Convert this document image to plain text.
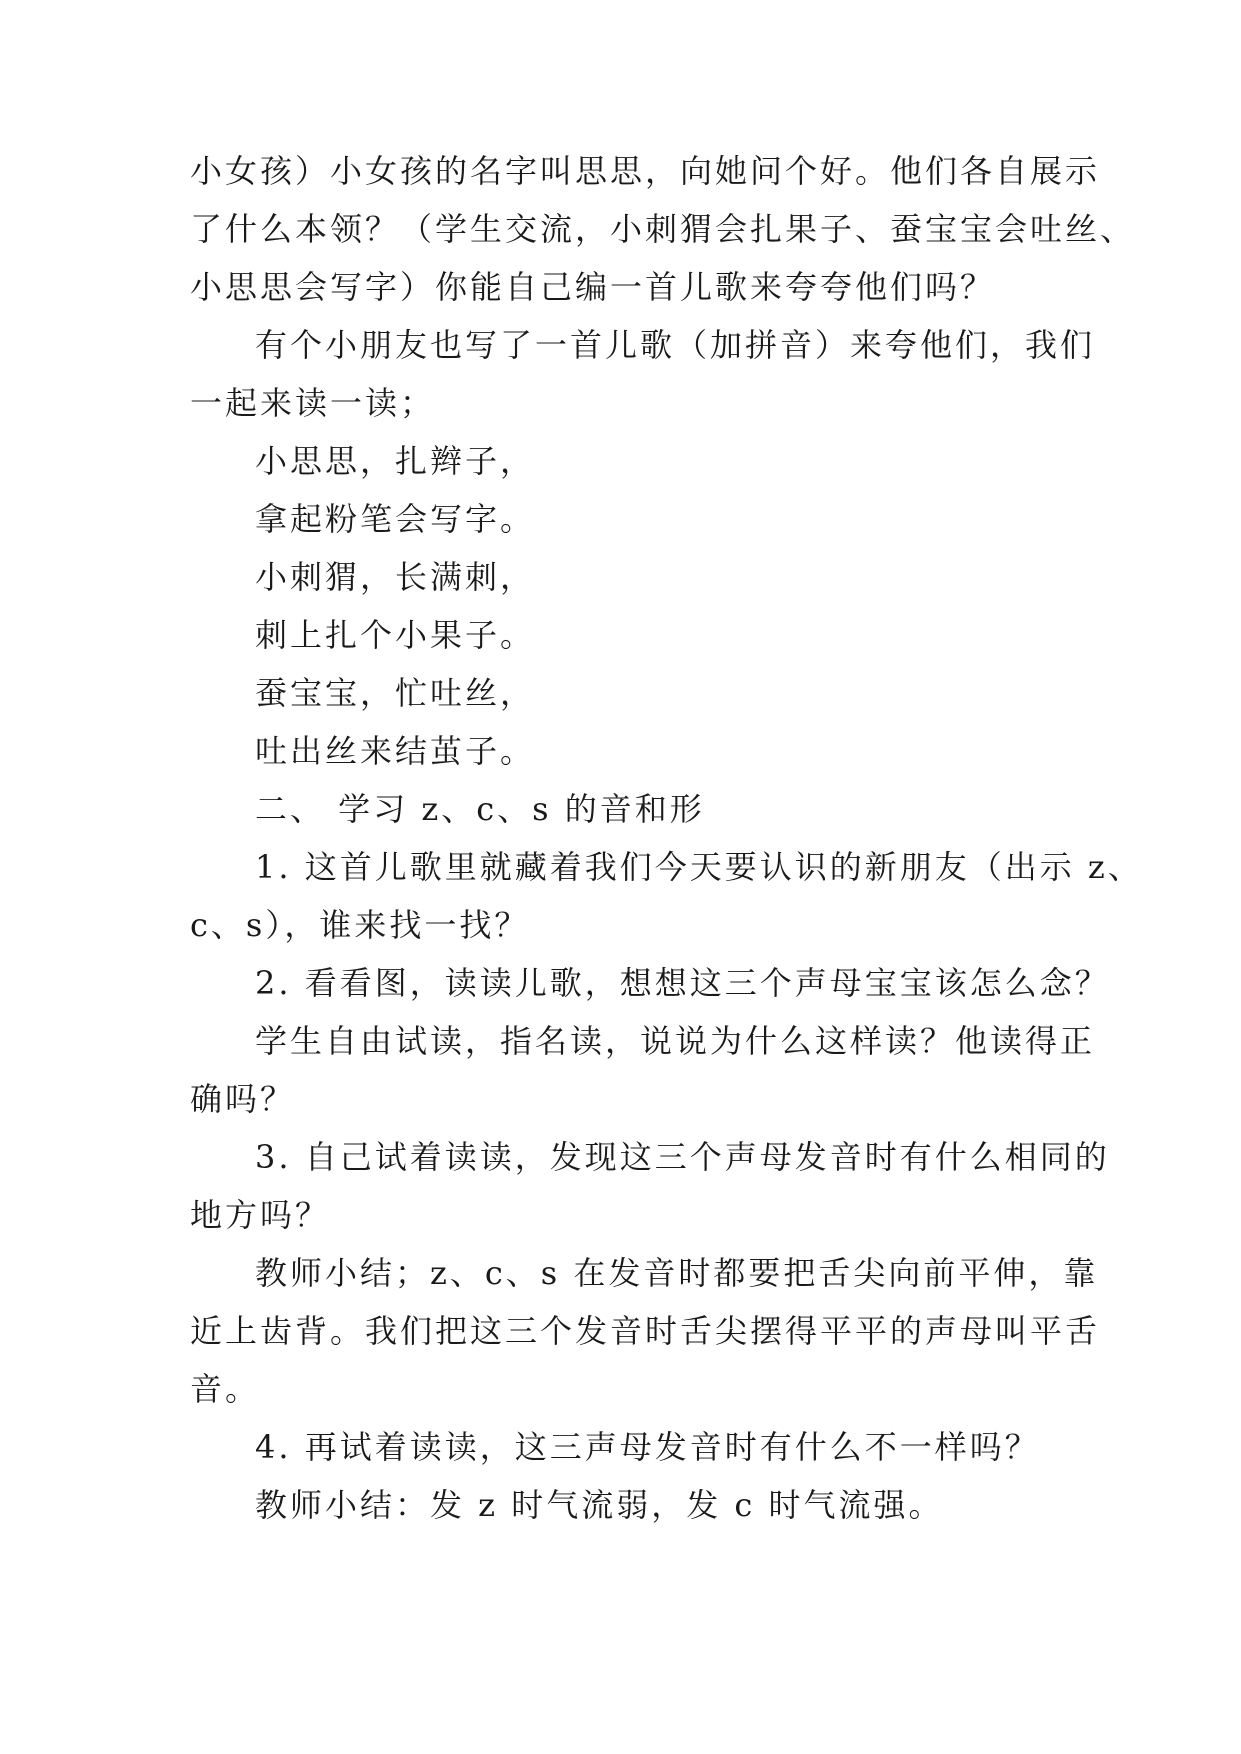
小女孩）小女孩的名字叫思思，向她问个好。他们各自展示
了什么本领？（学生交流，小刺猬会扎果子、蚕宝宝会吐丝、
小思思会写字）你能自己编一首儿歌来夸夸他们吗？
有个小朋友也写了一首儿歌（加拼音）来夸他们，我们
一起来读一读；
小思思，扎辫子，
拿起粉笔会写字。
小刺猬，长满刺，
刺上扎个小果子。
蚕宝宝，忙吐丝，
吐出丝来结茧子。
二、 学习 z、c、s 的音和形
1. 这首儿歌里就藏着我们今天要认识的新朋友（出示 z、
c、s），谁来找一找？
2. 看看图，读读儿歌，想想这三个声母宝宝该怎么念？
学生自由试读，指名读，说说为什么这样读？他读得正
确吗？
3. 自己试着读读，发现这三个声母发音时有什么相同的
地方吗？
教师小结；z、c、s 在发音时都要把舌尖向前平伸，靠
近上齿背。我们把这三个发音时舌尖摆得平平的声母叫平舌
音。
4. 再试着读读，这三声母发音时有什么不一样吗？
教师小结：发 z 时气流弱，发 c 时气流强。
